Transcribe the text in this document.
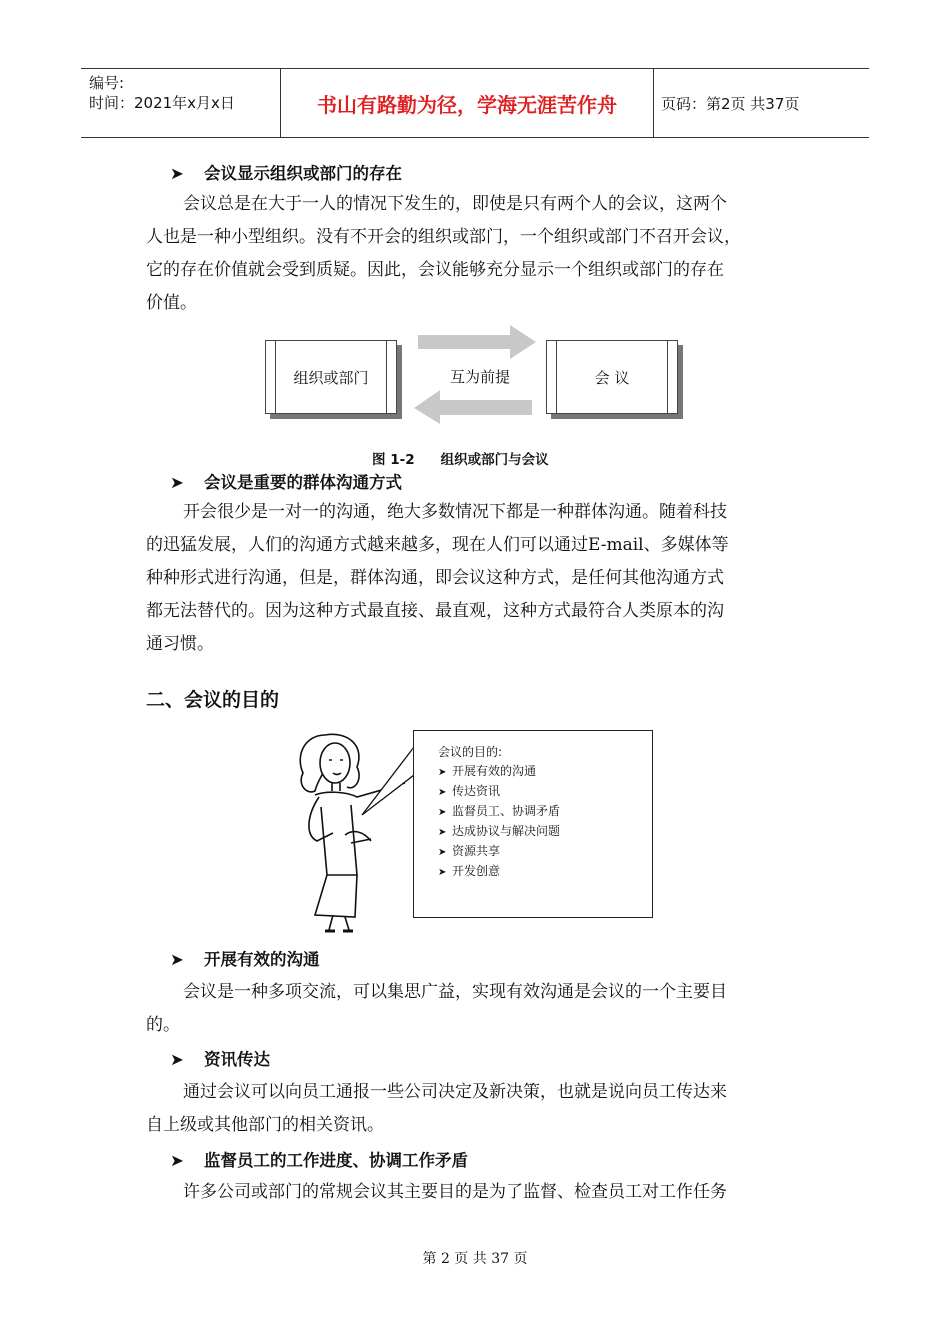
编号:
时间：2021年x月x日	书山有路勤为径，学海无涯苦作舟	页码：第2页 共37页
➤ 会议显示组织或部门的存在
会议总是在大于一人的情况下发生的，即使是只有两个人的会议，这两个
人也是一种小型组织。没有不开会的组织或部门，一个组织或部门不召开会议，
它的存在价值就会受到质疑。因此，会议能够充分显示一个组织或部门的存在
价值。
组织或部门	会 议
互为前提
图 1-2 组织或部门与会议
➤ 会议是重要的群体沟通方式
开会很少是一对一的沟通，绝大多数情况下都是一种群体沟通。随着科技
的迅猛发展，人们的沟通方式越来越多，现在人们可以通过E-mail、多媒体等
种种形式进行沟通，但是，群体沟通，即会议这种方式，是任何其他沟通方式
都无法替代的。因为这种方式最直接、最直观，这种方式最符合人类原本的沟
通习惯。
二、会议的目的
会议的目的:
➤ 开展有效的沟通
➤ 传达资讯
➤ 监督员工、协调矛盾
➤ 达成协议与解决问题
➤ 资源共享
➤ 开发创意
➤ 开展有效的沟通
会议是一种多项交流，可以集思广益，实现有效沟通是会议的一个主要目
的。
➤ 资讯传达
通过会议可以向员工通报一些公司决定及新决策，也就是说向员工传达来
自上级或其他部门的相关资讯。
➤ 监督员工的工作进度、协调工作矛盾
许多公司或部门的常规会议其主要目的是为了监督、检查员工对工作任务
第 2 页 共 37 页
